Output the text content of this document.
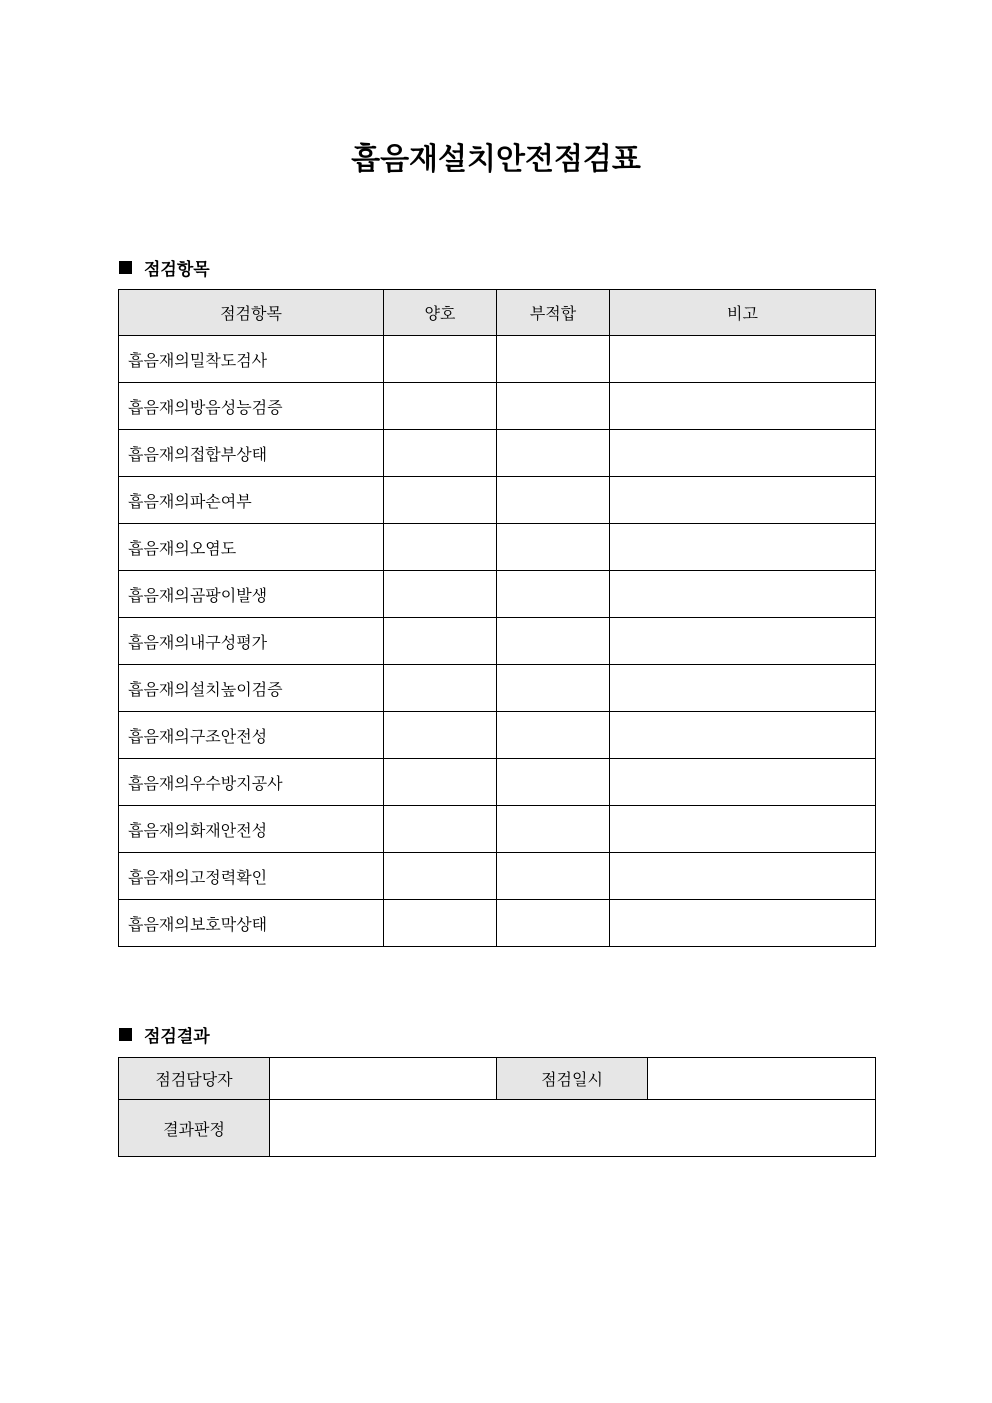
흡음재설치안전점검표
점검항목
점검항목	양호	부적합	비고
흡음재의밀착도검사			
흡음재의방음성능검증			
흡음재의접합부상태			
흡음재의파손여부			
흡음재의오염도			
흡음재의곰팡이발생			
흡음재의내구성평가			
흡음재의설치높이검증			
흡음재의구조안전성			
흡음재의우수방지공사			
흡음재의화재안전성			
흡음재의고정력확인			
흡음재의보호막상태			
점검결과
점검담당자		점검일시	
결과판정			
